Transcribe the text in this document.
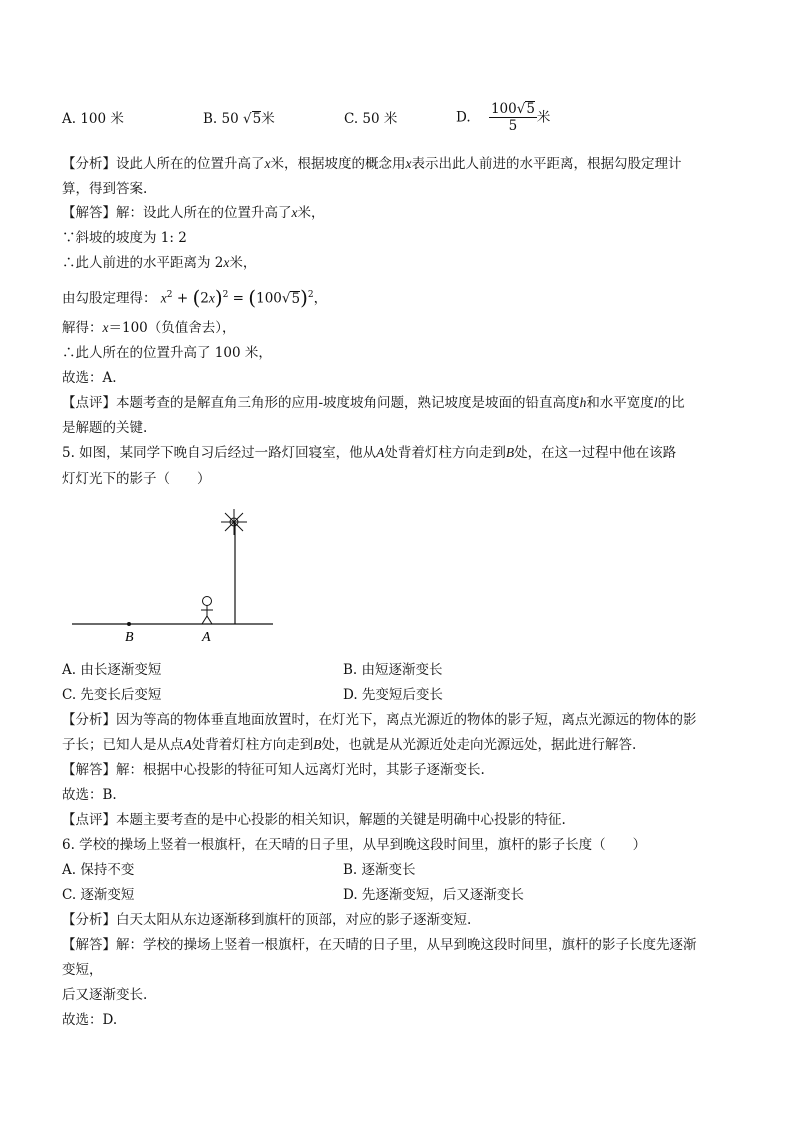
A. 100 米	B. 50 √5米	C. 50 米	D. $\frac{100√5}{5}$ 米
【分析】设此人所在的位置升高了x米，根据坡度的概念用x表示出此人前进的水平距离，根据勾股定理计
算，得到答案.
【解答】解：设此人所在的位置升高了x米，
∵斜坡的坡度为 1: 2
∴此人前进的水平距离为 2x米，
由勾股定理得： $x^2 + (2x)^2 = (100√5)^2$，
解得：x＝100（负值舍去），
∴此人所在的位置升高了 100 米，
故选：A.
【点评】本题考查的是解直角三角形的应用-坡度坡角问题，熟记坡度是坡面的铅直高度h和水平宽度l的比
是解题的关键.
5. 如图，某同学下晚自习后经过一路灯回寝室，他从A处背着灯柱方向走到B处，在这一过程中他在该路
灯灯光下的影子（　　）
B	A
A. 由长逐渐变短	B. 由短逐渐变长
C. 先变长后变短	D. 先变短后变长
【分析】因为等高的物体垂直地面放置时，在灯光下，离点光源近的物体的影子短，离点光源远的物体的影
子长；已知人是从点A处背着灯柱方向走到B处，也就是从光源近处走向光源远处，据此进行解答.
【解答】解：根据中心投影的特征可知人远离灯光时，其影子逐渐变长.
故选：B.
【点评】本题主要考查的是中心投影的相关知识，解题的关键是明确中心投影的特征.
6. 学校的操场上竖着一根旗杆，在天晴的日子里，从早到晚这段时间里，旗杆的影子长度（　　）
A. 保持不变	B. 逐渐变长
C. 逐渐变短	D. 先逐渐变短，后又逐渐变长
【分析】白天太阳从东边逐渐移到旗杆的顶部，对应的影子逐渐变短.
【解答】解：学校的操场上竖着一根旗杆，在天晴的日子里，从早到晚这段时间里，旗杆的影子长度先逐渐
变短，
后又逐渐变长.
故选：D.
